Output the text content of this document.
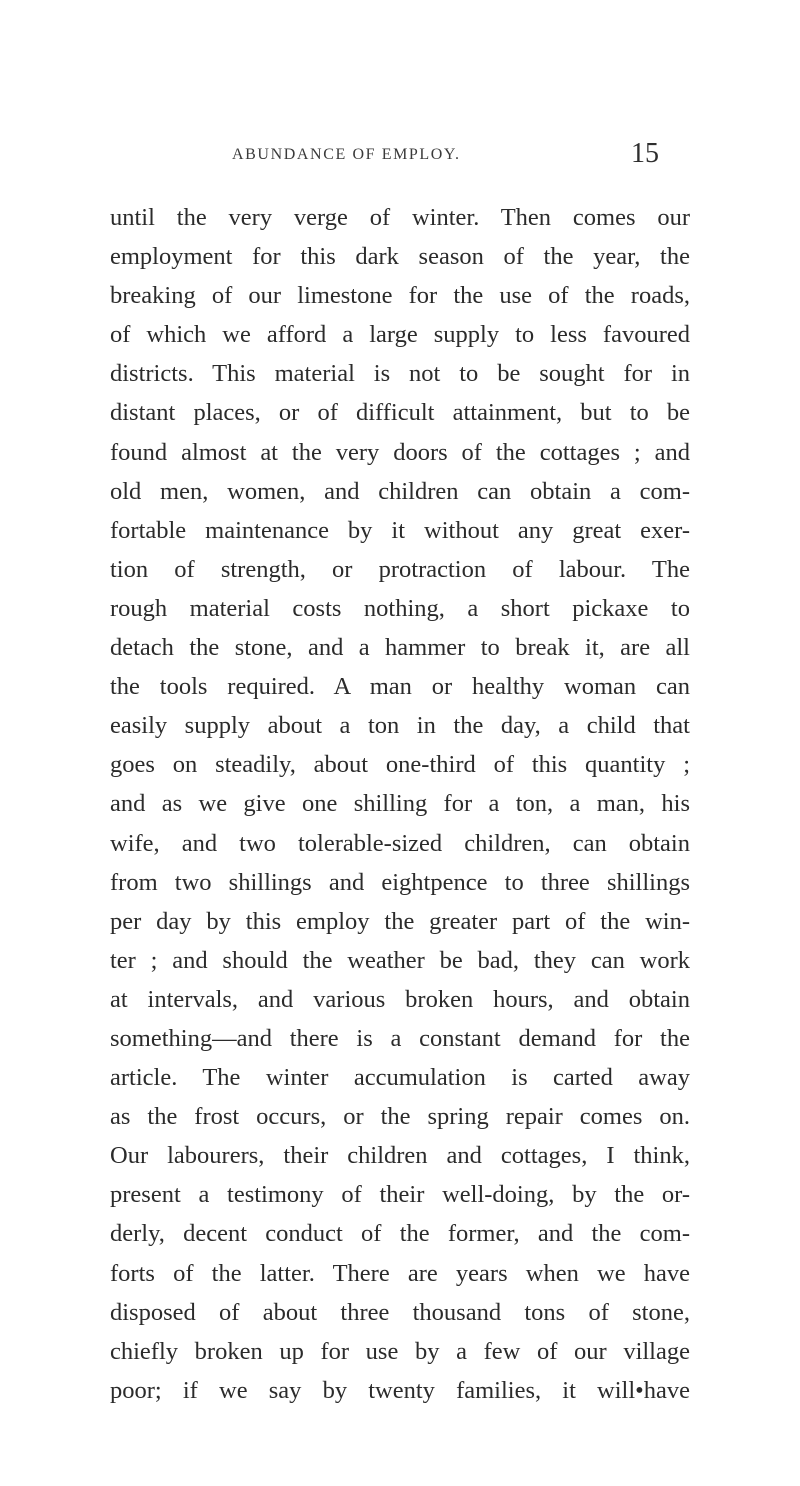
ABUNDANCE OF EMPLOY.	15
until the very verge of winter. Then comes our
employment for this dark season of the year, the
breaking of our limestone for the use of the roads,
of which we afford a large supply to less favoured
districts. This material is not to be sought for in
distant places, or of difficult attainment, but to be
found almost at the very doors of the cottages ; and
old men, women, and children can obtain a com-
fortable maintenance by it without any great exer-
tion of strength, or protraction of labour. The
rough material costs nothing, a short pickaxe to
detach the stone, and a hammer to break it, are all
the tools required. A man or healthy woman can
easily supply about a ton in the day, a child that
goes on steadily, about one-third of this quantity ;
and as we give one shilling for a ton, a man, his
wife, and two tolerable-sized children, can obtain
from two shillings and eightpence to three shillings
per day by this employ the greater part of the win-
ter ; and should the weather be bad, they can work
at intervals, and various broken hours, and obtain
something—and there is a constant demand for the
article. The winter accumulation is carted away
as the frost occurs, or the spring repair comes on.
Our labourers, their children and cottages, I think,
present a testimony of their well-doing, by the or-
derly, decent conduct of the former, and the com-
forts of the latter. There are years when we have
disposed of about three thousand tons of stone,
chiefly broken up for use by a few of our village
poor; if we say by twenty families, it will•have
